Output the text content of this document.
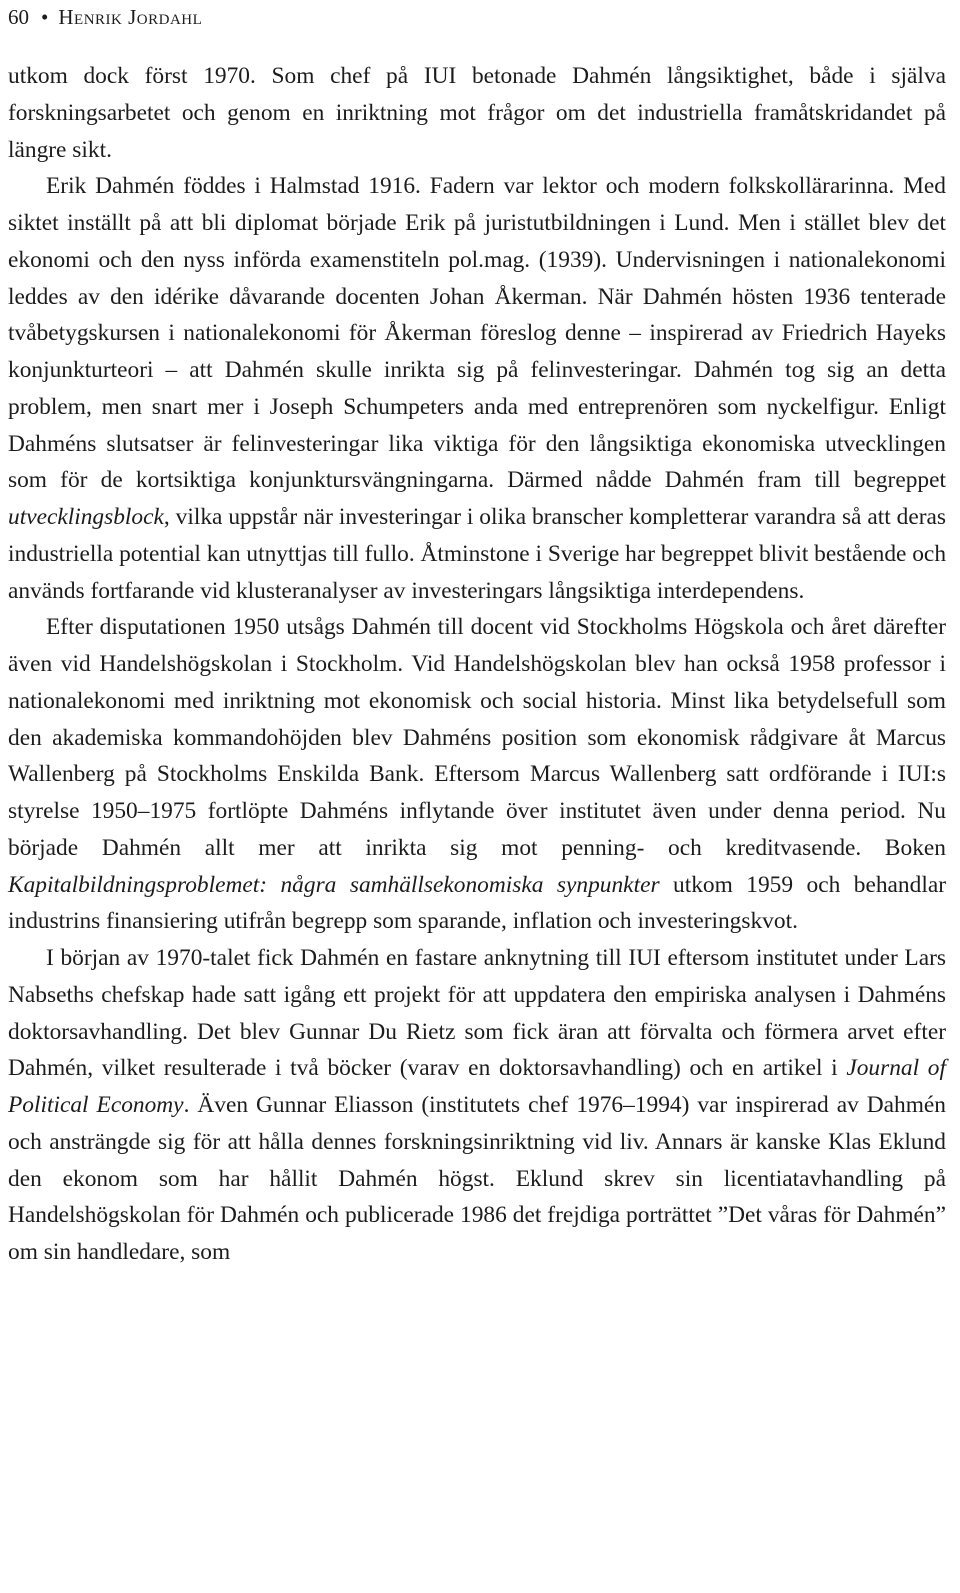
60 • Henrik Jordahl

utkom dock först 1970. Som chef på IUI betonade Dahmén långsiktighet, både i själva forskningsarbetet och genom en inriktning mot frågor om det industriella framåtskridandet på längre sikt.

Erik Dahmén föddes i Halmstad 1916. Fadern var lektor och modern folkskollärarinna. Med siktet inställt på att bli diplomat började Erik på juristutbildningen i Lund. Men i stället blev det ekonomi och den nyss införda examenstiteln pol.mag. (1939). Undervisningen i nationalekonomi leddes av den idérike dåvarande docenten Johan Åkerman. När Dahmén hösten 1936 tenterade tvåbetygskursen i nationalekonomi för Åkerman föreslog denne – inspirerad av Friedrich Hayeks konjunkturteori – att Dahmén skulle inrikta sig på felinvesteringar. Dahmén tog sig an detta problem, men snart mer i Joseph Schumpeters anda med entreprenören som nyckelfigur. Enligt Dahméns slutsatser är felinvesteringar lika viktiga för den långsiktiga ekonomiska utvecklingen som för de kortsiktiga konjunktursvängningarna. Därmed nådde Dahmén fram till begreppet utvecklingsblock, vilka uppstår när investeringar i olika branscher kompletterar varandra så att deras industriella potential kan utnyttjas till fullo. Åtminstone i Sverige har begreppet blivit bestående och används fortfarande vid klusteranalyser av investeringars långsiktiga interdependens.

Efter disputationen 1950 utsågs Dahmén till docent vid Stockholms Högskola och året därefter även vid Handelshögskolan i Stockholm. Vid Handelshögskolan blev han också 1958 professor i nationalekonomi med inriktning mot ekonomisk och social historia. Minst lika betydelsefull som den akademiska kommandohöjden blev Dahméns position som ekonomisk rådgivare åt Marcus Wallenberg på Stockholms Enskilda Bank. Eftersom Marcus Wallenberg satt ordförande i IUI:s styrelse 1950–1975 fortlöpte Dahméns inflytande över institutet även under denna period. Nu började Dahmén allt mer att inrikta sig mot penning- och kreditvasende. Boken Kapitalbildningsproblemet: några samhällsekonomiska synpunkter utkom 1959 och behandlar industrins finansiering utifrån begrepp som sparande, inflation och investeringskvot.

I början av 1970-talet fick Dahmén en fastare anknytning till IUI eftersom institutet under Lars Nabseths chefskap hade satt igång ett projekt för att uppdatera den empiriska analysen i Dahméns doktorsavhandling. Det blev Gunnar Du Rietz som fick äran att förvalta och förmera arvet efter Dahmén, vilket resulterade i två böcker (varav en doktorsavhandling) och en artikel i Journal of Political Economy. Även Gunnar Eliasson (institutets chef 1976–1994) var inspirerad av Dahmén och ansträngde sig för att hålla dennes forskningsinriktning vid liv. Annars är kanske Klas Eklund den ekonom som har hållit Dahmén högst. Eklund skrev sin licentiatavhandling på Handelshögskolan för Dahmén och publicerade 1986 det frejdiga porträttet ”Det våras för Dahmén” om sin handledare, som
